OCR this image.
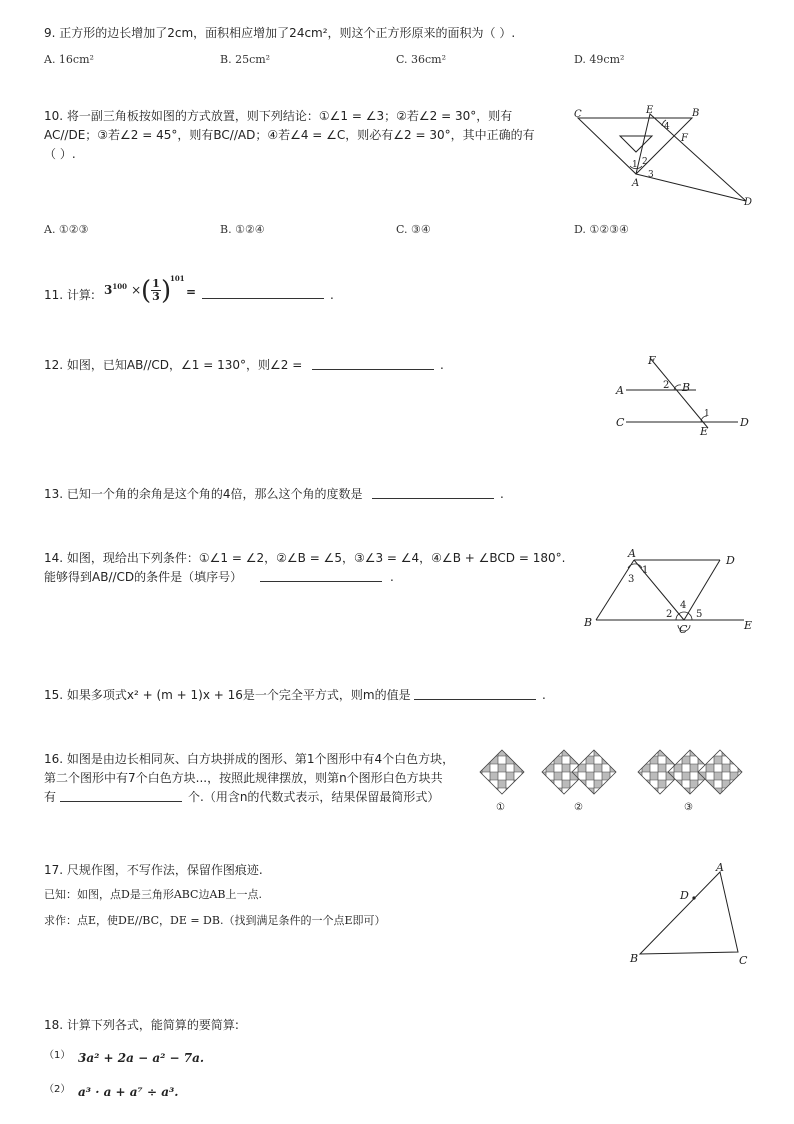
9. 正方形的边长增加了2cm，面积相应增加了24cm²，则这个正方形原来的面积为（ ）.
A. 16cm²	B. 25cm²	C. 36cm²	D. 49cm²
10. 将一副三角板按如图的方式放置，则下列结论：①∠1 = ∠3；②若∠2 = 30°，则有
AC//DE；③若∠2 = 45°，则有BC//AD；④若∠4 = ∠C，则必有∠2 = 30°，其中正确的有
（ ）.
C	E	B
F
A
D
1 2
3
4
A. ①②③	B. ①②④	C. ③④	D. ①②③④
11. 计算: $3^{100}$ × ( $\frac{1}{3}$ )
101
=	.
12. 如图，已知AB//CD，∠1 = 130°，则∠2 =	.	F
A	B
C	D
E
1
2
13. 已知一个角的余角是这个角的4倍，那么这个角的度数是	.
14. 如图，现给出下列条件：①∠1 = ∠2，②∠B = ∠5，③∠3 = ∠4，④∠B + ∠BCD = 180°.
能够得到AB//CD的条件是（填序号）	.
A
D
B
C	E
1
2
3
4
5
15. 如果多项式x² + (m + 1)x + 16是一个完全平方式，则m的值是	.
16. 如图是由边长相同灰、白方块拼成的图形、第1个图形中有4个白色方块，
第二个图形中有7个白色方块...，按照此规律摆放，则第n个图形白色方块共
有	个.（用含n的代数式表示，结果保留最简形式）
①	②	③
17. 尺规作图，不写作法，保留作图痕迹.
已知：如图，点D是三角形ABC边AB上一点.
求作：点E，使DE//BC，DE = DB.（找到满足条件的一个点E即可）
A
D
B	C
18. 计算下列各式，能简算的要简算:
（1） 3a² + 2a − a² − 7a.
（2） a³ · a + a⁷ ÷ a³.
